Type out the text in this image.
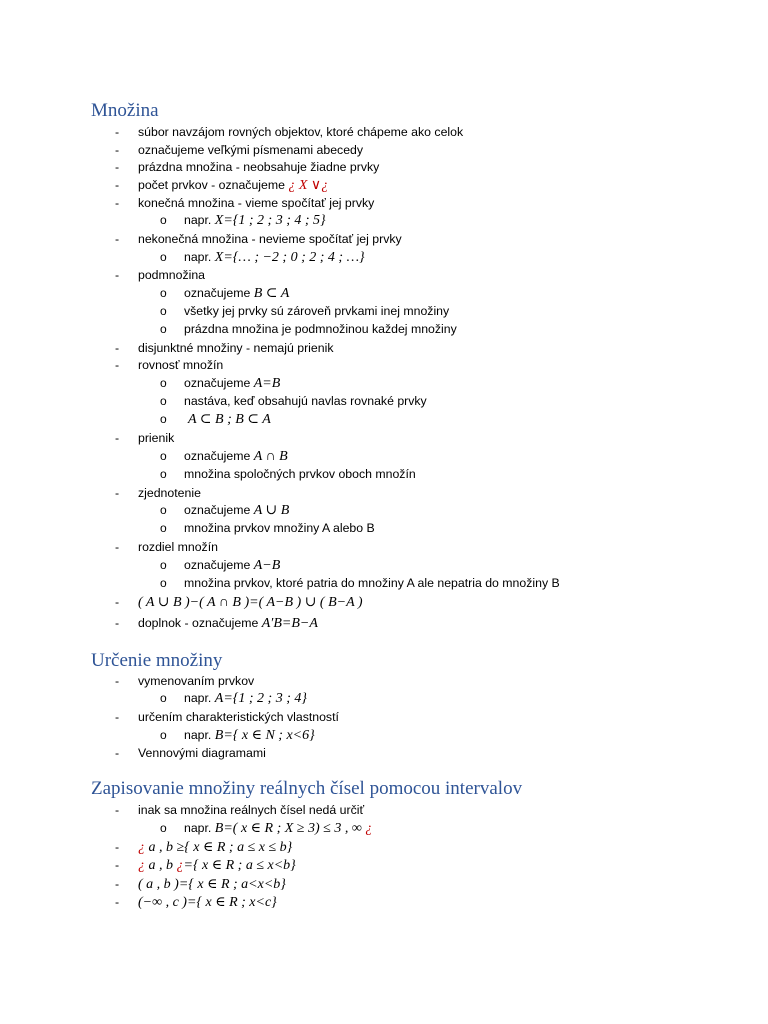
Množina
-	súbor navzájom rovných objektov, ktoré chápeme ako celok
-	označujeme veľkými písmenami abecedy
-	prázdna množina - neobsahuje žiadne prvky
-	počet prvkov - označujeme ¿ X ∨¿
-	konečná množina - vieme spočítať jej prvky
o	napr. X={1 ; 2 ; 3 ; 4 ; 5}
-	nekonečná množina - nevieme spočítať jej prvky
o	napr. X={… ; −2 ; 0 ; 2 ; 4 ; …}
-	podmnožina
o	označujeme B ⊂ A
o	všetky jej prvky sú zároveň prvkami inej množiny
o	prázdna množina je podmnožinou každej množiny
-	disjunktné množiny - nemajú prienik
-	rovnosť množín
o	označujeme A=B
o	nastáva, keď obsahujú navlas rovnaké prvky
o	A ⊂ B ; B ⊂ A
-	prienik
o	označujeme A ∩ B
o	množina spoločných prvkov oboch množín
-	zjednotenie
o	označujeme A ∪ B
o	množina prvkov množiny A alebo B
-	rozdiel množín
o	označujeme A−B
o	množina prvkov, ktoré patria do množiny A ale nepatria do množiny B
-	( A ∪ B )−( A ∩ B )=( A−B ) ∪ ( B−A )
-	doplnok - označujeme A′B=B−A
Určenie množiny
-	vymenovaním prvkov
o	napr. A={1 ; 2 ; 3 ; 4}
-	určením charakteristických vlastností
o	napr. B={ x ∈ N ; x<6}
-	Vennovými diagramami
Zapisovanie množiny reálnych čísel pomocou intervalov
-	inak sa množina reálnych čísel nedá určiť
o	napr. B=( x ∈ R ; X ≥ 3) ≤ 3 , ∞ ¿
-	¿ a , b ≥{ x ∈ R ; a ≤ x ≤ b}
-	¿ a , b ¿={ x ∈ R ; a ≤ x<b}
-	( a , b )={ x ∈ R ; a<x<b}
-	(−∞ , c )={ x ∈ R ; x<c}
